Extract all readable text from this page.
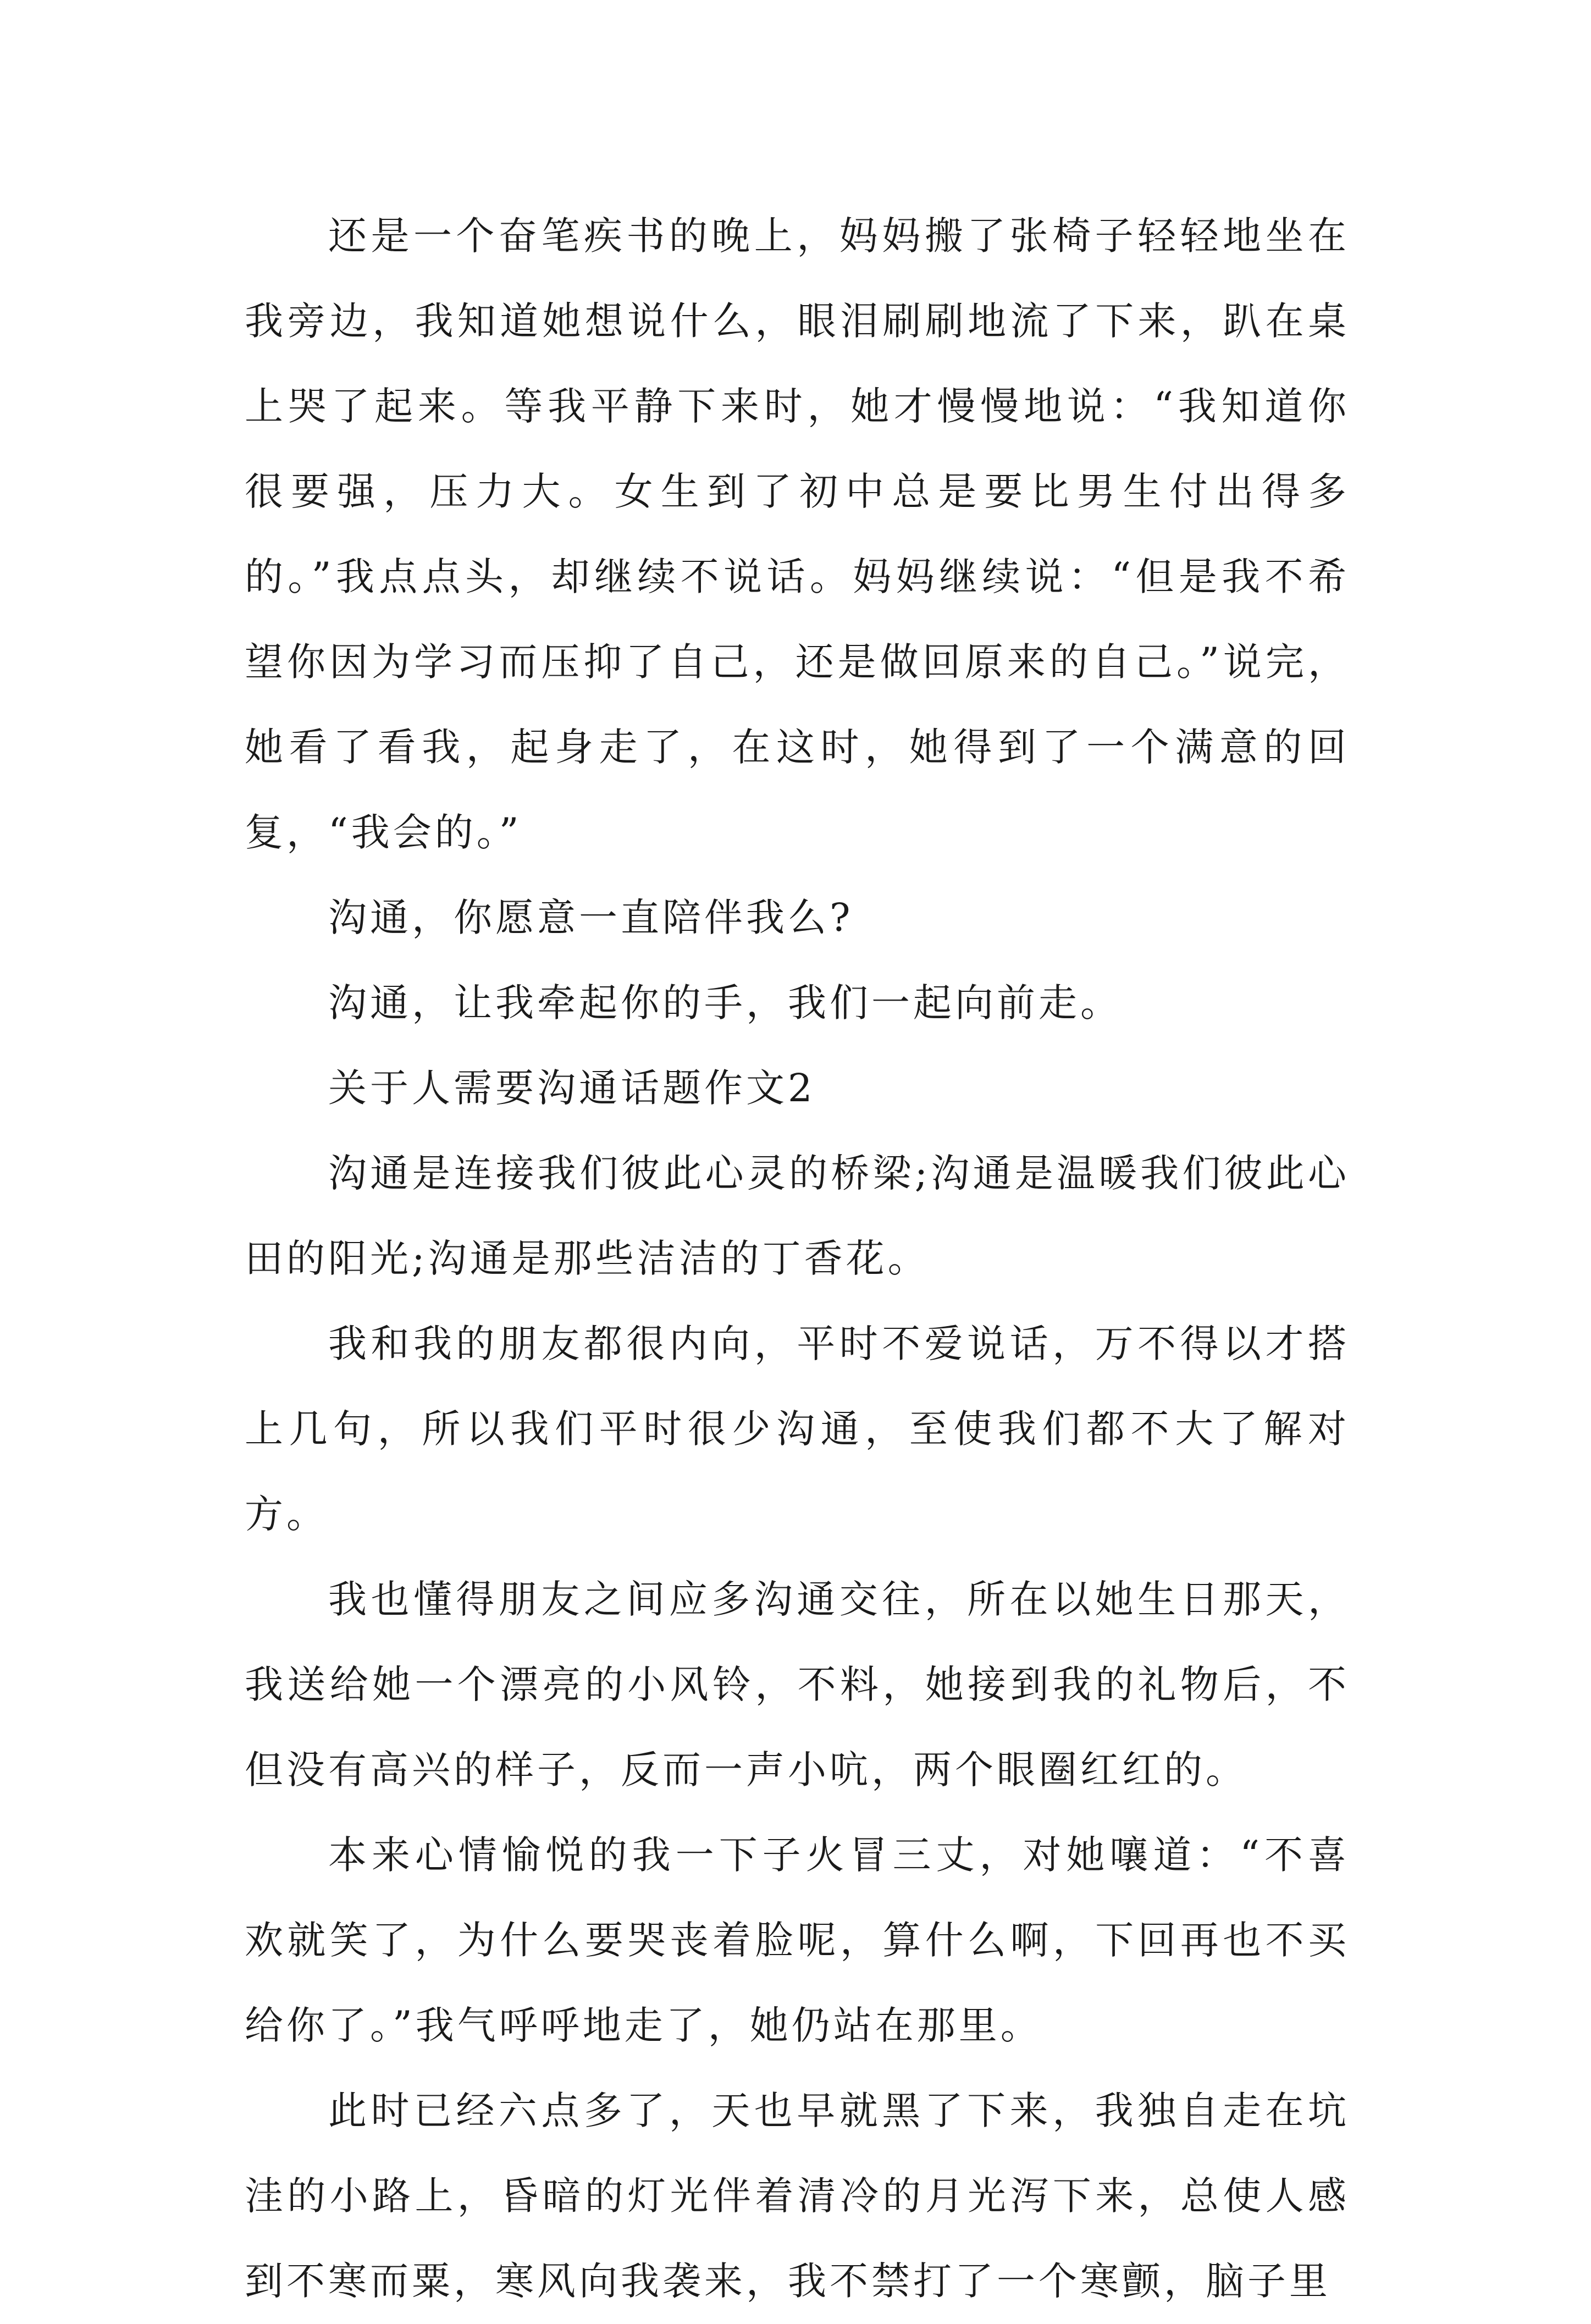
还是一个奋笔疾书的晚上，妈妈搬了张椅子轻轻地坐在我旁边，我知道她想说什么，眼泪刷刷地流了下来，趴在桌上哭了起来。等我平静下来时，她才慢慢地说：“我知道你很要强，压力大。女生到了初中总是要比男生付出得多的。”我点点头，却继续不说话。妈妈继续说：“但是我不希望你因为学习而压抑了自己，还是做回原来的自己。”说完，她看了看我，起身走了，在这时，她得到了一个满意的回复，“我会的。”

沟通，你愿意一直陪伴我么?

沟通，让我牵起你的手，我们一起向前走。

关于人需要沟通话题作文2

沟通是连接我们彼此心灵的桥梁;沟通是温暖我们彼此心田的阳光;沟通是那些洁洁的丁香花。

我和我的朋友都很内向，平时不爱说话，万不得以才搭上几句，所以我们平时很少沟通，至使我们都不大了解对方。

我也懂得朋友之间应多沟通交往，所在以她生日那天，我送给她一个漂亮的小风铃，不料，她接到我的礼物后，不但没有高兴的样子，反而一声小吭，两个眼圈红红的。

本来心情愉悦的我一下子火冒三丈，对她嚷道：“不喜欢就笑了，为什么要哭丧着脸呢，算什么啊，下回再也不买给你了。”我气呼呼地走了，她仍站在那里。

此时已经六点多了，天也早就黑了下来，我独自走在坑洼的小路上，昏暗的灯光伴着清冷的月光泻下来，总使人感到不寒而粟，寒风向我袭来，我不禁打了一个寒颤，脑子里
